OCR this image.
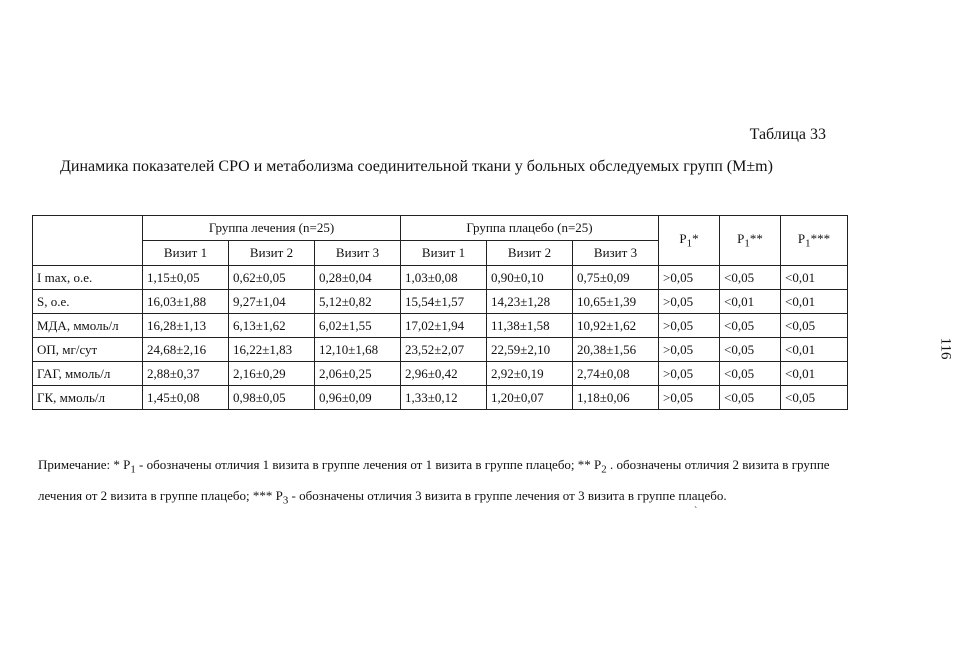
Таблица 33
Динамика показателей СРО и метаболизма соединительной ткани у больных обследуемых групп (M±m)
	Группа лечения (n=25)			Группа плацебо (n=25)			$P_1*$	$P_1**$	$P_1***$
	Визит 1	Визит 2	Визит 3	Визит 1	Визит 2	Визит 3			
I max, о.е.	1,15±0,05	0,62±0,05	0,28±0,04	1,03±0,08	0,90±0,10	0,75±0,09	>0,05	<0,05	<0,01
S, о.е.	16,03±1,88	9,27±1,04	5,12±0,82	15,54±1,57	14,23±1,28	10,65±1,39	>0,05	<0,01	<0,01
МДА, ммоль/л	16,28±1,13	6,13±1,62	6,02±1,55	17,02±1,94	11,38±1,58	10,92±1,62	>0,05	<0,05	<0,05
ОП, мг/сут	24,68±2,16	16,22±1,83	12,10±1,68	23,52±2,07	22,59±2,10	20,38±1,56	>0,05	<0,05	<0,01
ГАГ, ммоль/л	2,88±0,37	2,16±0,29	2,06±0,25	2,96±0,42	2,92±0,19	2,74±0,08	>0,05	<0,05	<0,01
ГК, ммоль/л	1,45±0,08	0,98±0,05	0,96±0,09	1,33±0,12	1,20±0,07	1,18±0,06	>0,05	<0,05	<0,05
Примечание: * $P_1$ - обозначены отличия 1 визита в группе лечения от 1 визита в группе плацебо; ** $P_2$ . обозначены отличия 2 визита в группе лечения от 2 визита в группе плацебо; *** $P_3$ - обозначены отличия 3 визита в группе лечения от 3 визита в группе плацебо.
`
116
